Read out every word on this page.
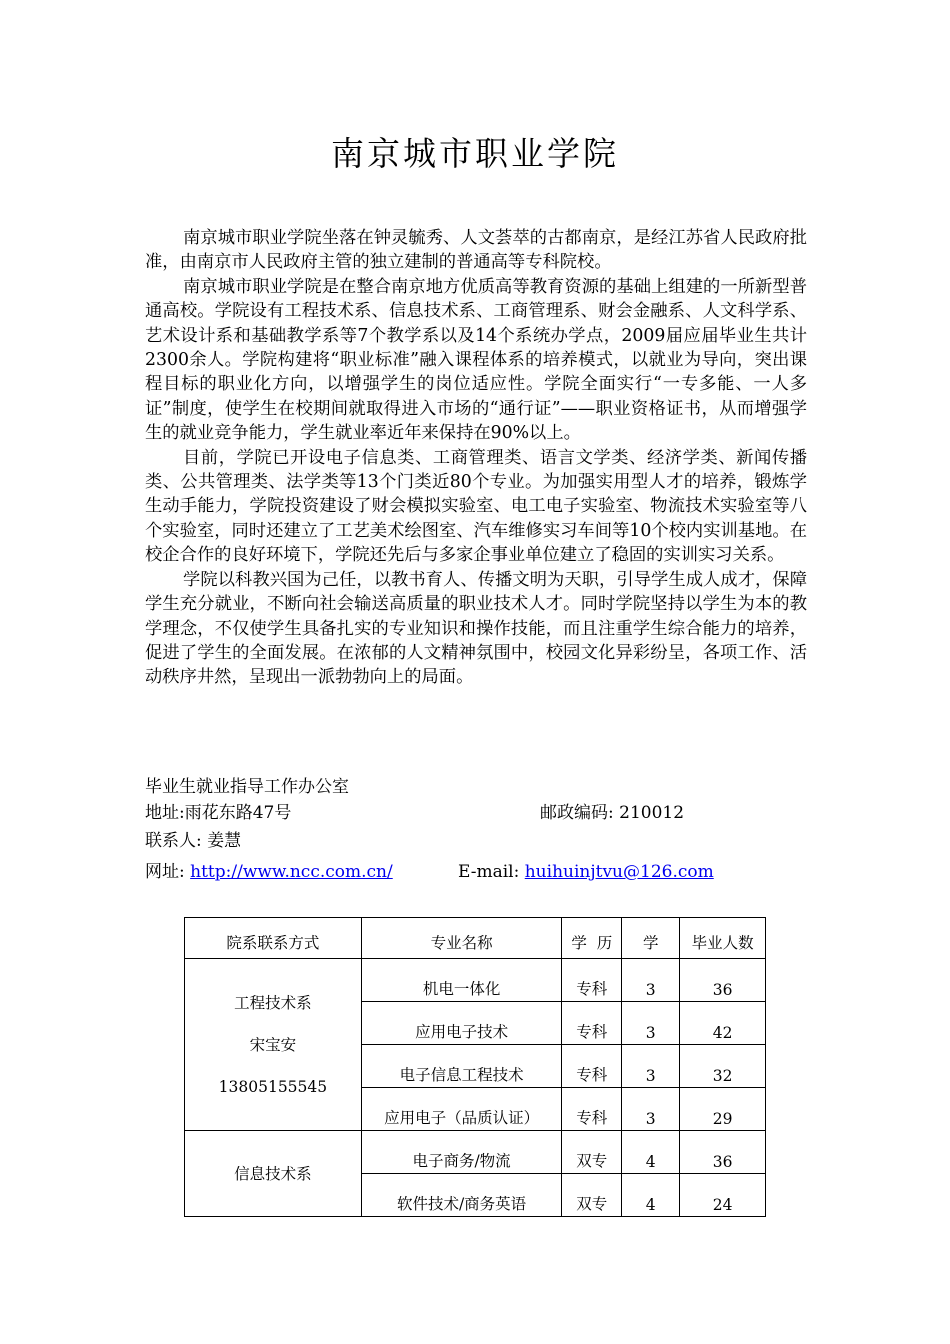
南京城市职业学院

南京城市职业学院坐落在钟灵毓秀、人文荟萃的古都南京，是经江苏省人民政府批准，由南京市人民政府主管的独立建制的普通高等专科院校。

南京城市职业学院是在整合南京地方优质高等教育资源的基础上组建的一所新型普通高校。学院设有工程技术系、信息技术系、工商管理系、财会金融系、人文科学系、艺术设计系和基础教学系等7个教学系以及14个系统办学点，2009届应届毕业生共计2300余人。学院构建将“职业标准”融入课程体系的培养模式，以就业为导向，突出课程目标的职业化方向，以增强学生的岗位适应性。学院全面实行“一专多能、一人多证”制度，使学生在校期间就取得进入市场的“通行证”——职业资格证书，从而增强学生的就业竞争能力，学生就业率近年来保持在90%以上。

目前，学院已开设电子信息类、工商管理类、语言文学类、经济学类、新闻传播类、公共管理类、法学类等13个门类近80个专业。为加强实用型人才的培养，锻炼学生动手能力，学院投资建设了财会模拟实验室、电工电子实验室、物流技术实验室等八个实验室，同时还建立了工艺美术绘图室、汽车维修实习车间等10个校内实训基地。在校企合作的良好环境下，学院还先后与多家企事业单位建立了稳固的实训实习关系。

学院以科教兴国为己任，以教书育人、传播文明为天职，引导学生成人成才，保障学生充分就业，不断向社会输送高质量的职业技术人才。同时学院坚持以学生为本的教学理念，不仅使学生具备扎实的专业知识和操作技能，而且注重学生综合能力的培养，促进了学生的全面发展。在浓郁的人文精神氛围中，校园文化异彩纷呈，各项工作、活动秩序井然，呈现出一派勃勃向上的局面。

毕业生就业指导工作办公室
地址:雨花东路47号	邮政编码: 210012
联系人: 姜慧
网址: http://www.ncc.com.cn/	E-mail: huihuinjtvu@126.com
院系联系方式	专业名称	学  历	学	毕业人数

工程技术系
宋宝安
13805155545	机电一体化	专科	3	36
	应用电子技术	专科	3	42
	电子信息工程技术	专科	3	32
	应用电子（品质认证）	专科	3	29

信息技术系	电子商务/物流	双专	4	36
	软件技术/商务英语	双专	4	24
